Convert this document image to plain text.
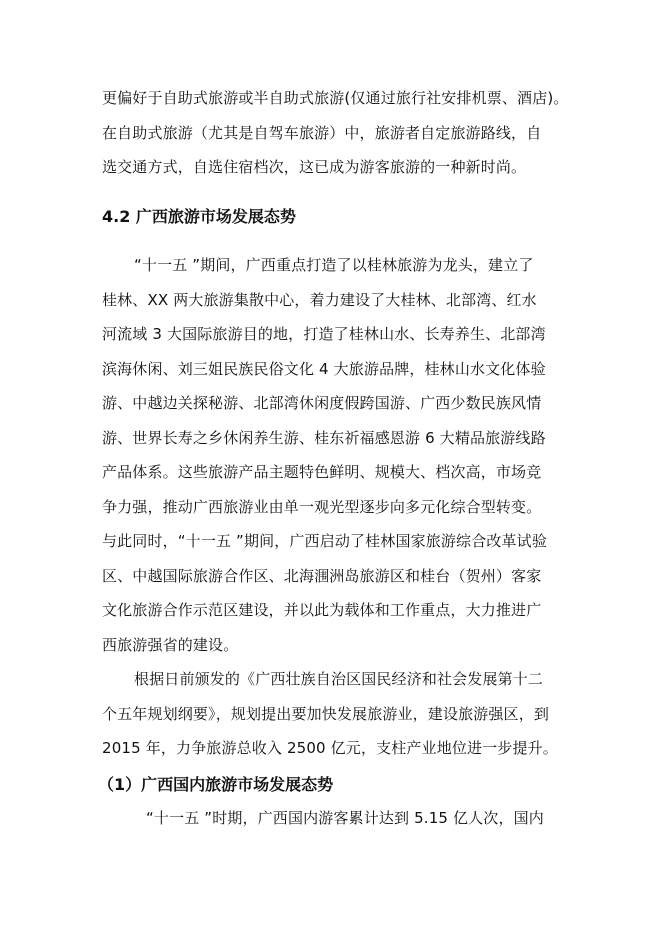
更偏好于自助式旅游或半自助式旅游(仅通过旅行社安排机票、酒店)。
在自助式旅游（尤其是自驾车旅游）中，旅游者自定旅游路线，自
选交通方式，自选住宿档次，这已成为游客旅游的一种新时尚。
4.2 广西旅游市场发展态势
“十一五 ”期间，广西重点打造了以桂林旅游为龙头，建立了
桂林、XX 两大旅游集散中心，着力建设了大桂林、北部湾、红水
河流域 3 大国际旅游目的地，打造了桂林山水、长寿养生、北部湾
滨海休闲、刘三姐民族民俗文化 4 大旅游品牌，桂林山水文化体验
游、中越边关探秘游、北部湾休闲度假跨国游、广西少数民族风情
游、世界长寿之乡休闲养生游、桂东祈福感恩游 6 大精品旅游线路
产品体系。这些旅游产品主题特色鲜明、规模大、档次高，市场竞
争力强，推动广西旅游业由单一观光型逐步向多元化综合型转变。
与此同时，“十一五 ”期间，广西启动了桂林国家旅游综合改革试验
区、中越国际旅游合作区、北海涠洲岛旅游区和桂台（贺州）客家
文化旅游合作示范区建设，并以此为载体和工作重点，大力推进广
西旅游强省的建设。
根据日前颁发的《广西壮族自治区国民经济和社会发展第十二
个五年规划纲要》，规划提出要加快发展旅游业，建设旅游强区，到
2015 年，力争旅游总收入 2500 亿元，支柱产业地位进一步提升。
（1）广西国内旅游市场发展态势
“十一五 ”时期，广西国内游客累计达到 5.15 亿人次，国内
